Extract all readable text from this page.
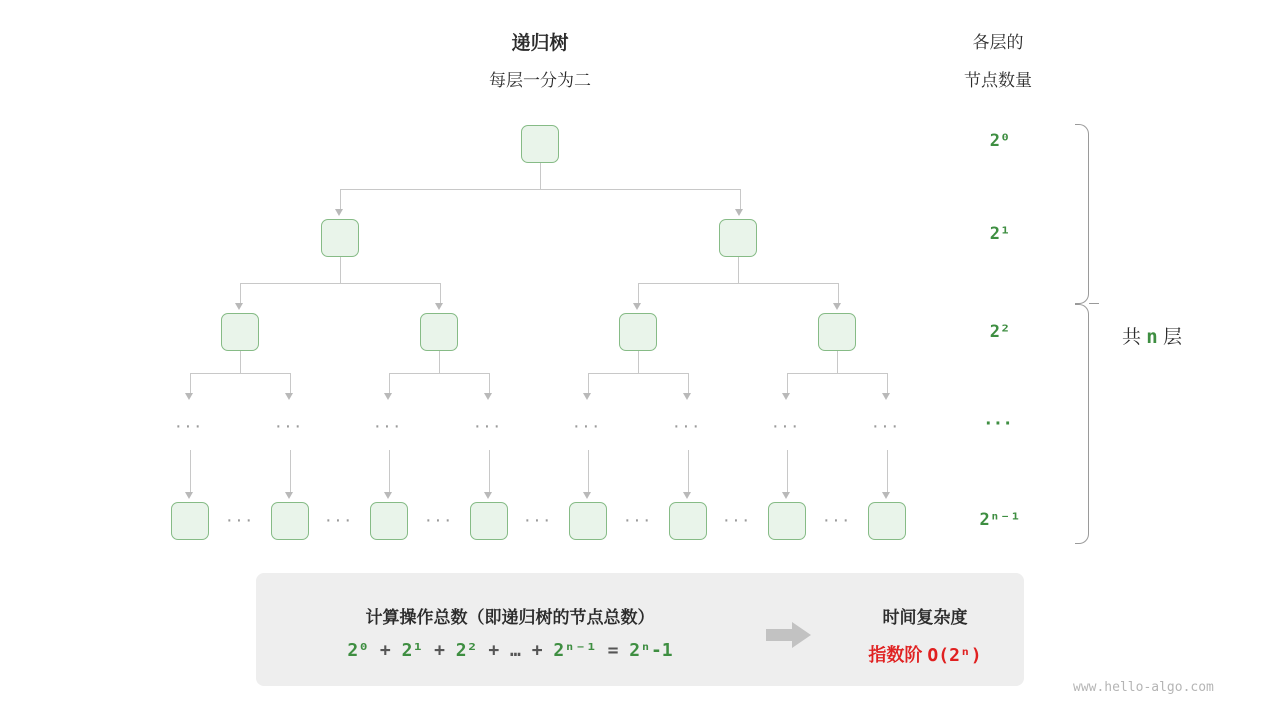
递归树
每层一分为二
各层的
节点数量
···	···	···	···	···	···	···	···
···	···	···	···	···	···	···
2⁰
2¹
2²
···
2ⁿ⁻¹
共 n 层
计算操作总数（即递归树的节点总数）
2⁰ + 2¹ + 2² + … + 2ⁿ⁻¹ = 2ⁿ-1
时间复杂度
指数阶 O(2ⁿ)
www.hello-algo.com
